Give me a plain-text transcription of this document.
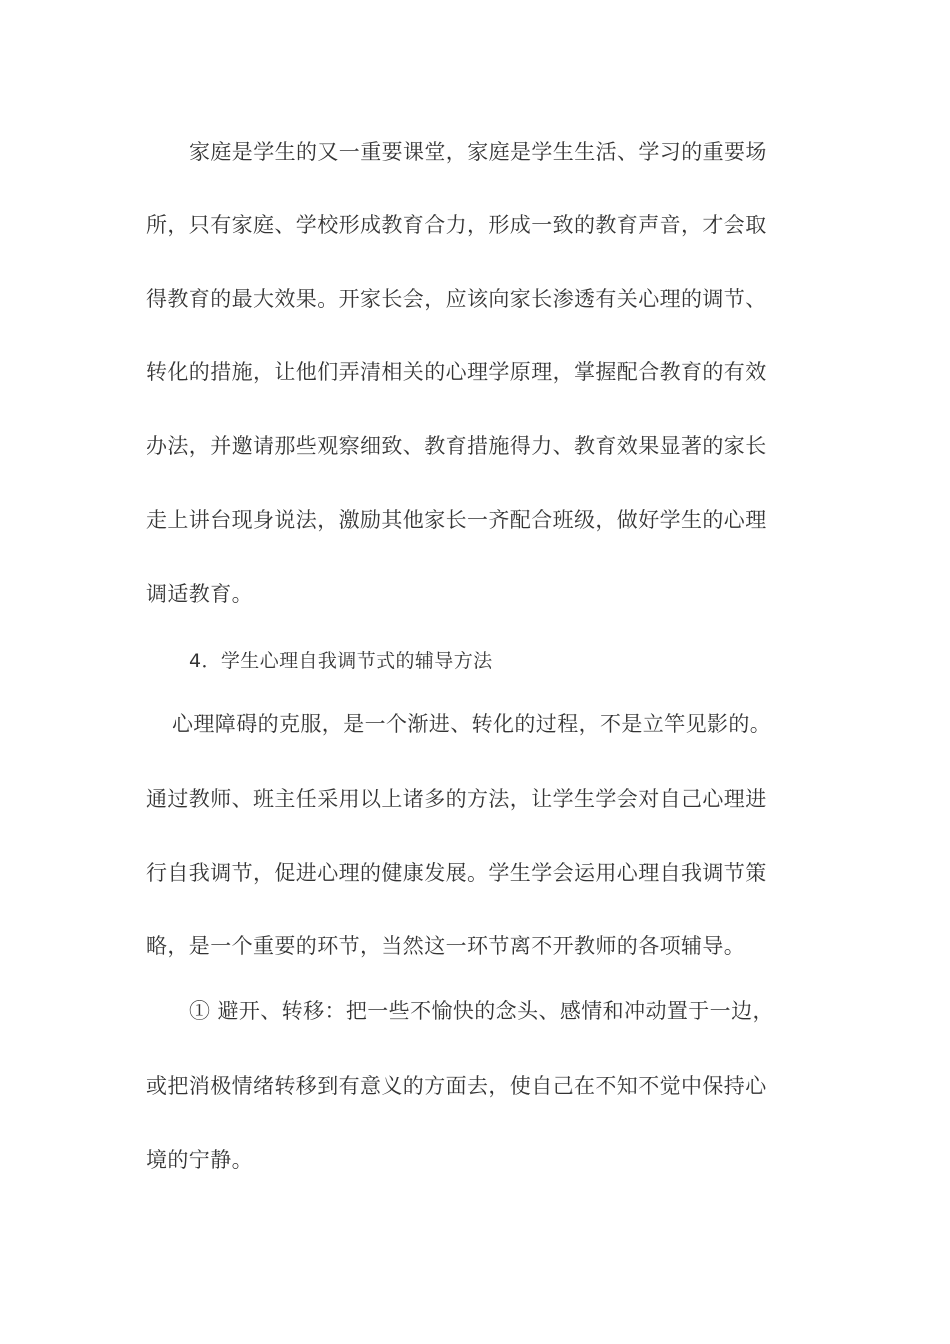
家庭是学生的又一重要课堂，家庭是学生生活、学习的重要场
所，只有家庭、学校形成教育合力，形成一致的教育声音，才会取
得教育的最大效果。开家长会，应该向家长渗透有关心理的调节、
转化的措施，让他们弄清相关的心理学原理，掌握配合教育的有效
办法，并邀请那些观察细致、教育措施得力、教育效果显著的家长
走上讲台现身说法，激励其他家长一齐配合班级，做好学生的心理
调适教育。
4．学生心理自我调节式的辅导方法
心理障碍的克服，是一个渐进、转化的过程，不是立竿见影的。
通过教师、班主任采用以上诸多的方法，让学生学会对自己心理进
行自我调节，促进心理的健康发展。学生学会运用心理自我调节策
略，是一个重要的环节，当然这一环节离不开教师的各项辅导。
① 避开、转移：把一些不愉快的念头、感情和冲动置于一边，
或把消极情绪转移到有意义的方面去，使自己在不知不觉中保持心
境的宁静。
